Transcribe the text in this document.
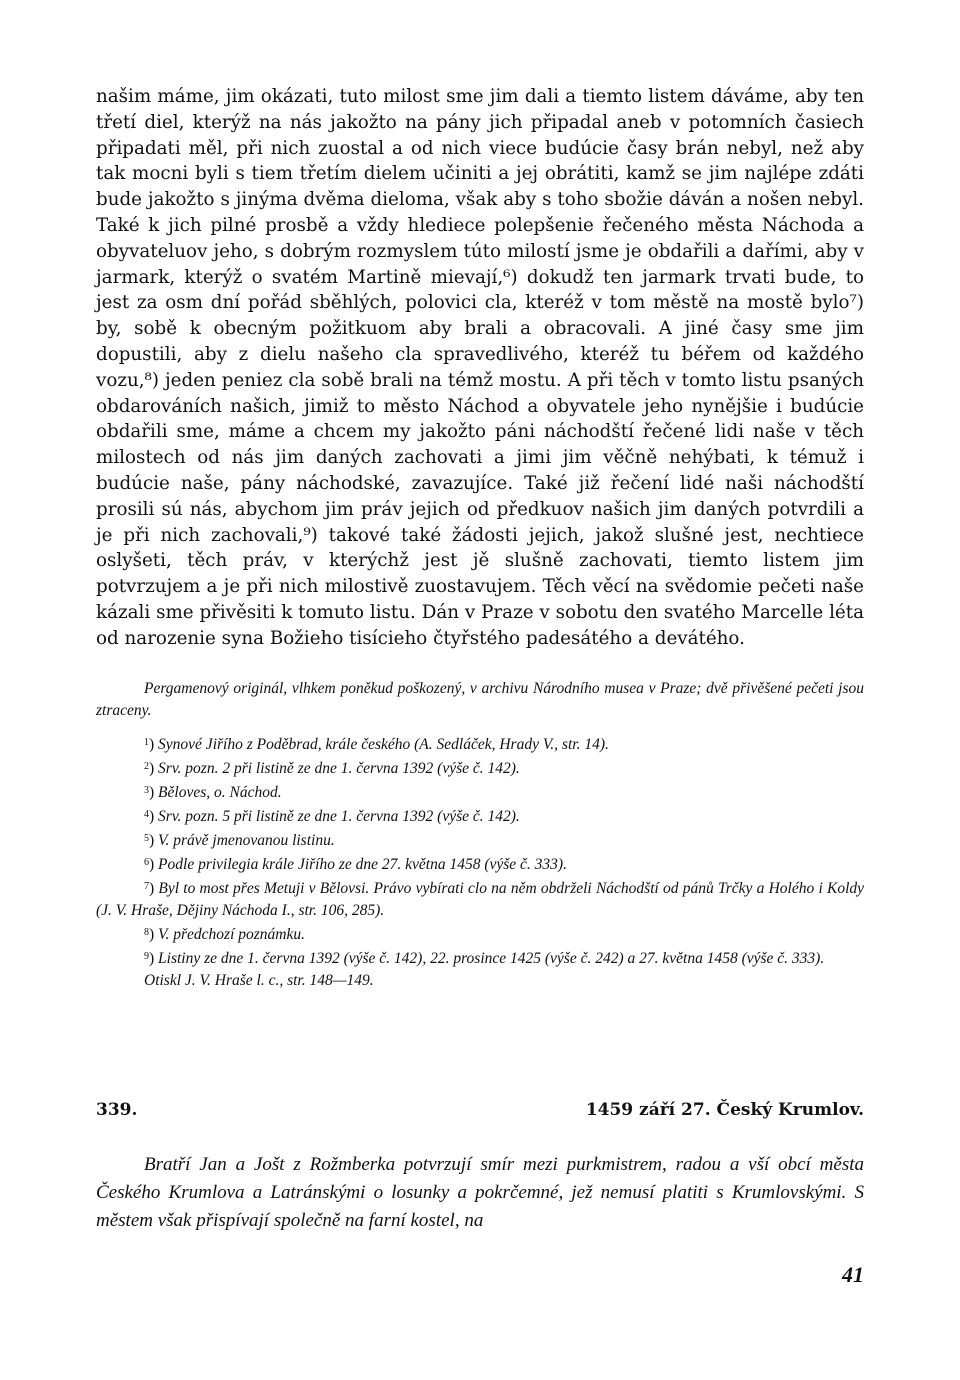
našim máme, jim okázati, tuto milost sme jim dali a tiemto listem dáváme, aby ten třetí diel, kterýž na nás jakožto na pány jich připadal aneb v potomních časiech připadati měl, při nich zuostal a od nich viece budúcie časy brán nebyl, než aby tak mocni byli s tiem třetím dielem učiniti a jej obrátiti, kamž se jim najlépe zdáti bude jakožto s jinýma dvěma dieloma, však aby s toho sbožie dáván a nošen nebyl. Také k jich pilné prosbě a vždy hlediece polepšenie řečeného města Náchoda a obyvateluov jeho, s dobrým rozmyslem túto milostí jsme je obdařili a dařími, aby v jarmark, kterýž o svatém Martině mievají,⁶) dokudž ten jarmark trvati bude, to jest za osm dní pořád sběhlých, polovici cla, kteréž v tom městě na mostě bylo⁷) by, sobě k obecným požitkuom aby brali a obracovali. A jiné časy sme jim dopustili, aby z dielu našeho cla spravedlivého, kteréž tu béřem od každého vozu,⁸) jeden peniez cla sobě brali na témž mostu. A při těch v tomto listu psaných obdarováních našich, jimiž to město Náchod a obyvatele jeho nynějšie i budúcie obdařili sme, máme a chcem my jakožto páni náchodští řečené lidi naše v těch milostech od nás jim daných zachovati a jimi jim věčně nehýbati, k témuž i budúcie naše, pány náchodské, zavazujíce. Také již řečení lidé naši náchodští prosili sú nás, abychom jim práv jejich od předkuov našich jim daných potvrdili a je při nich zachovali,⁹) takové také žádosti jejich, jakož slušné jest, nechtiece oslyšeti, těch práv, v kterýchž jest jě slušně zachovati, tiemto listem jim potvrzujem a je při nich milostivě zuostavujem. Těch věcí na svědomie pečeti naše kázali sme přivěsiti k tomuto listu. Dán v Praze v sobotu den svatého Marcelle léta od narozenie syna Božieho tisícieho čtyřstého padesátého a devátého.

Pergamenový originál, vlhkem poněkud poškozený, v archivu Národního musea v Praze; dvě přivěšené pečeti jsou ztraceny.

$^1$) Synové Jiřího z Poděbrad, krále českého (A. Sedláček, Hrady V., str. 14).

$^2$) Srv. pozn. 2 při listině ze dne 1. června 1392 (výše č. 142).

$^3$) Běloves, o. Náchod.

$^4$) Srv. pozn. 5 při listině ze dne 1. června 1392 (výše č. 142).

$^5$) V. právě jmenovanou listinu.

$^6$) Podle privilegia krále Jiřího ze dne 27. května 1458 (výše č. 333).

$^7$) Byl to most přes Metuji v Bělovsi. Právo vybírati clo na něm obdrželi Náchodští od pánů Trčky a Holého i Koldy (J. V. Hraše, Dějiny Náchoda I., str. 106, 285).

$^8$) V. předchozí poznámku.

$^9$) Listiny ze dne 1. června 1392 (výše č. 142), 22. prosince 1425 (výše č. 242) a 27. května 1458 (výše č. 333).

Otiskl J. V. Hraše l. c., str. 148—149.

339.	1459 září 27. Český Krumlov.

Bratří Jan a Jošt z Rožmberka potvrzují smír mezi purkmistrem, radou a vší obcí města Českého Krumlova a Latránskými o losunky a pokrčemné, jež nemusí platiti s Krumlovskými. S městem však přispívají společně na farní kostel, na

41
